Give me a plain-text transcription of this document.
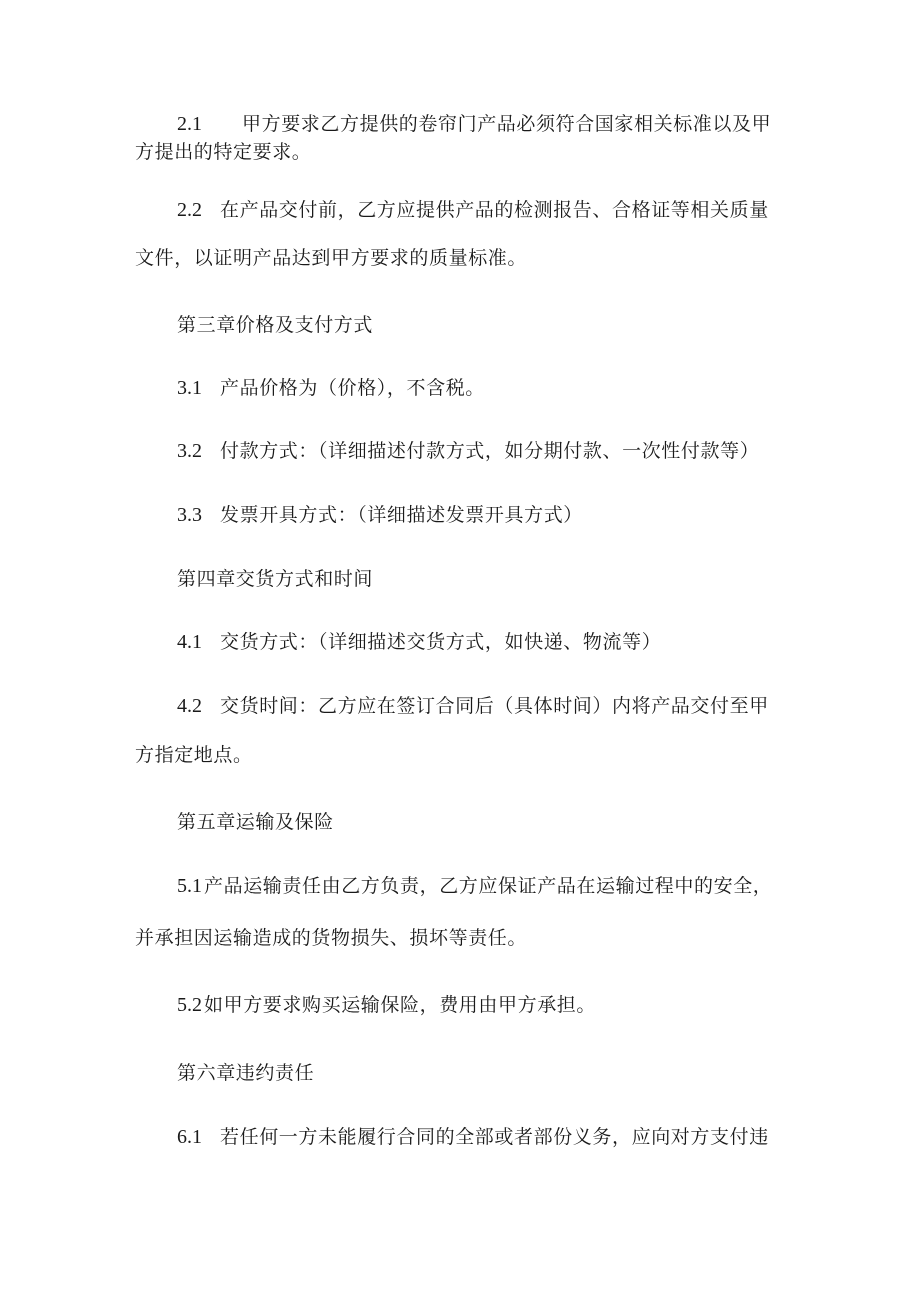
2.1 甲方要求乙方提供的卷帘门产品必须符合国家相关标准以及甲
方提出的特定要求。
2.2 在产品交付前，乙方应提供产品的检测报告、合格证等相关质量
文件，以证明产品达到甲方要求的质量标准。
第三章价格及支付方式
3.1 产品价格为（价格），不含税。
3.2 付款方式：（详细描述付款方式，如分期付款、一次性付款等）
3.3 发票开具方式：（详细描述发票开具方式）
第四章交货方式和时间
4.1 交货方式：（详细描述交货方式，如快递、物流等）
4.2 交货时间：乙方应在签订合同后（具体时间）内将产品交付至甲
方指定地点。
第五章运输及保险
5.1 产品运输责任由乙方负责，乙方应保证产品在运输过程中的安全，
并承担因运输造成的货物损失、损坏等责任。
5.2 如甲方要求购买运输保险，费用由甲方承担。
第六章违约责任
6.1 若任何一方未能履行合同的全部或者部份义务，应向对方支付违
